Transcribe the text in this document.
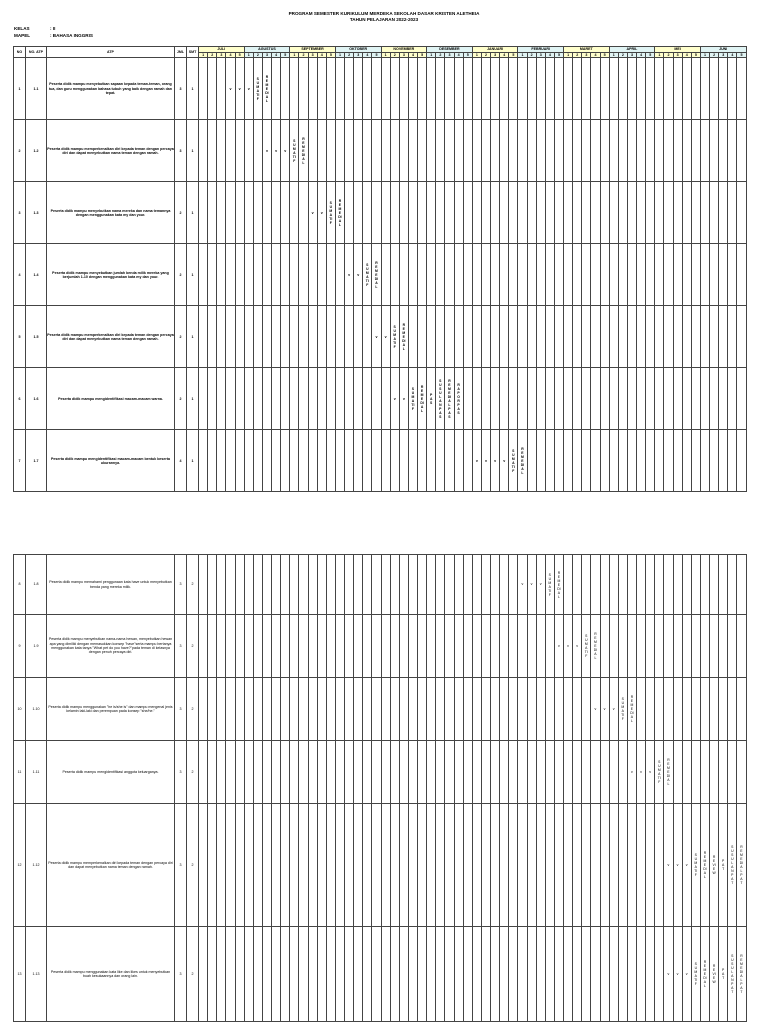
PROGRAM SEMESTER KURIKULUM MERDEKA SEKOLAH DASAR KRISTEN ALETHEIA
TAHUN PELAJARAN 2022-2023
KELAS	: II
MAPEL	: BAHASA INGGRIS
NO	NO. ATP	ATP	JML	SMT	JULI	AGUSTUS	SEPTEMBER	OKTOBER	NOVEMBER	DESEMBER	JANUARI	FEBRUARI	MARET	APRIL	MEI	JUNI
1	2	3	4	5	1	2	3	4	5	1	2	3	4	5	1	2	3	4	5	1	2	3	4	5	1	2	3	4	5	1	2	3	4	5	1	2	3	4	5	1	2	3	4	5	1	2	3	4	5	1	2	3	4	5	1	2	3	4	5
1	1.1	Peserta didik mampu menyebutkan sapaan kepada teman-teman, orang tua, dan guru menggunakan bahasa tubuh yang baik dengan ramah dan tepat.	3	1				v	v	v	SUMATIF	REMEDIAL																																																				
2	1.2	Peserta didik mampu memperkenalkan diri kepada teman dengan percaya diri dan dapat menyebutkan nama teman dengan ramah.	3	1								v	v	v	SUMATIF	REMEDIAL																																																
3	1.3	Peserta didik mampu menyebutkan nama mereka dan nama temannya dengan menggunakan kata my dan your.	2	1													v	v	SUMATIF	REMEDIAL																																												
4	1.4	Peserta didik mampu menyebutkan jumlah benda milik mereka yang berjumlah 1-10 dengan menggunakan kata my dan your.	2	1																	v	v	SUMATIF	REMEDIAL																																								
5	1.5	Peserta didik mampu memperkenalkan diri kepada teman dengan percaya diri dan dapat menyebutkan nama teman dengan ramah.	2	1																				v	v	SUMATIF	REMEDIAL																																					
6	1.6	Peserta didik mampu mengidentifikasi macam-macam warna.	2	1																						v	v	SUMATIF	REMEDIAL	PAS	SUSULAN PAS	REMEDIAL PAS	RAPOR PAS																															
7	1.7	Peserta didik mampu mengidentifikasi macam-macam bentuk beserta ukurannya.	4	1																															v	v	v	v	SUMATIF	REMEDIAL																								
8	1.8	Peserta didik mampu memahami penggunaan kata have untuk menyebutkan benda yang mereka milik.	3	2																																				v	v	v	SUMATIF	REMEDIAL																				
9	1.9	Peserta didik mampu menyebutkan nama-nama hewan, menyebutkan hewan apa yang dimiliki dengan memasukkan konsep "have"serta mampu bertanya menggunakan kata tanya "What pet do you have?"pada teman di kelasnya dengan penuh percaya diri.	3	2																																								v	v	v	SUMATIF	REMEDIAL																
10	1.10	Peserta didik mampu menggunakan "he is/she is" dan mampu mengenal jenis kelamin laki-laki dan perempuan pada konsep "she/he."	3	2																																												v	v	v	SUMATIF	REMEDIAL												
11	1.11	Peserta didik mampu mengidentifikasi anggota keluarganya.	3	2																																																v	v	v	SUMATIF	REMEDIAL								
12	1.12	Peserta didik mampu memperkenalkan diri kepada teman dengan percaya diri dan dapat menyebutkan nama teman dengan ramah.	3	2																																																				v	v	v	SUMATIF	REMEDIAL	REVIEW	PAT	SUSULAN PAT	REMEDIAL PAT
13	1.13	Peserta didik mampu menggunakan kata like dan likes untuk menyebutkan buah kesukaannya dan orang lain.	3	2																																																				v	v	v	SUMATIF	REMEDIAL	REVIEW	PAT	SUSULAN PAT	REMEDIAL PAT
